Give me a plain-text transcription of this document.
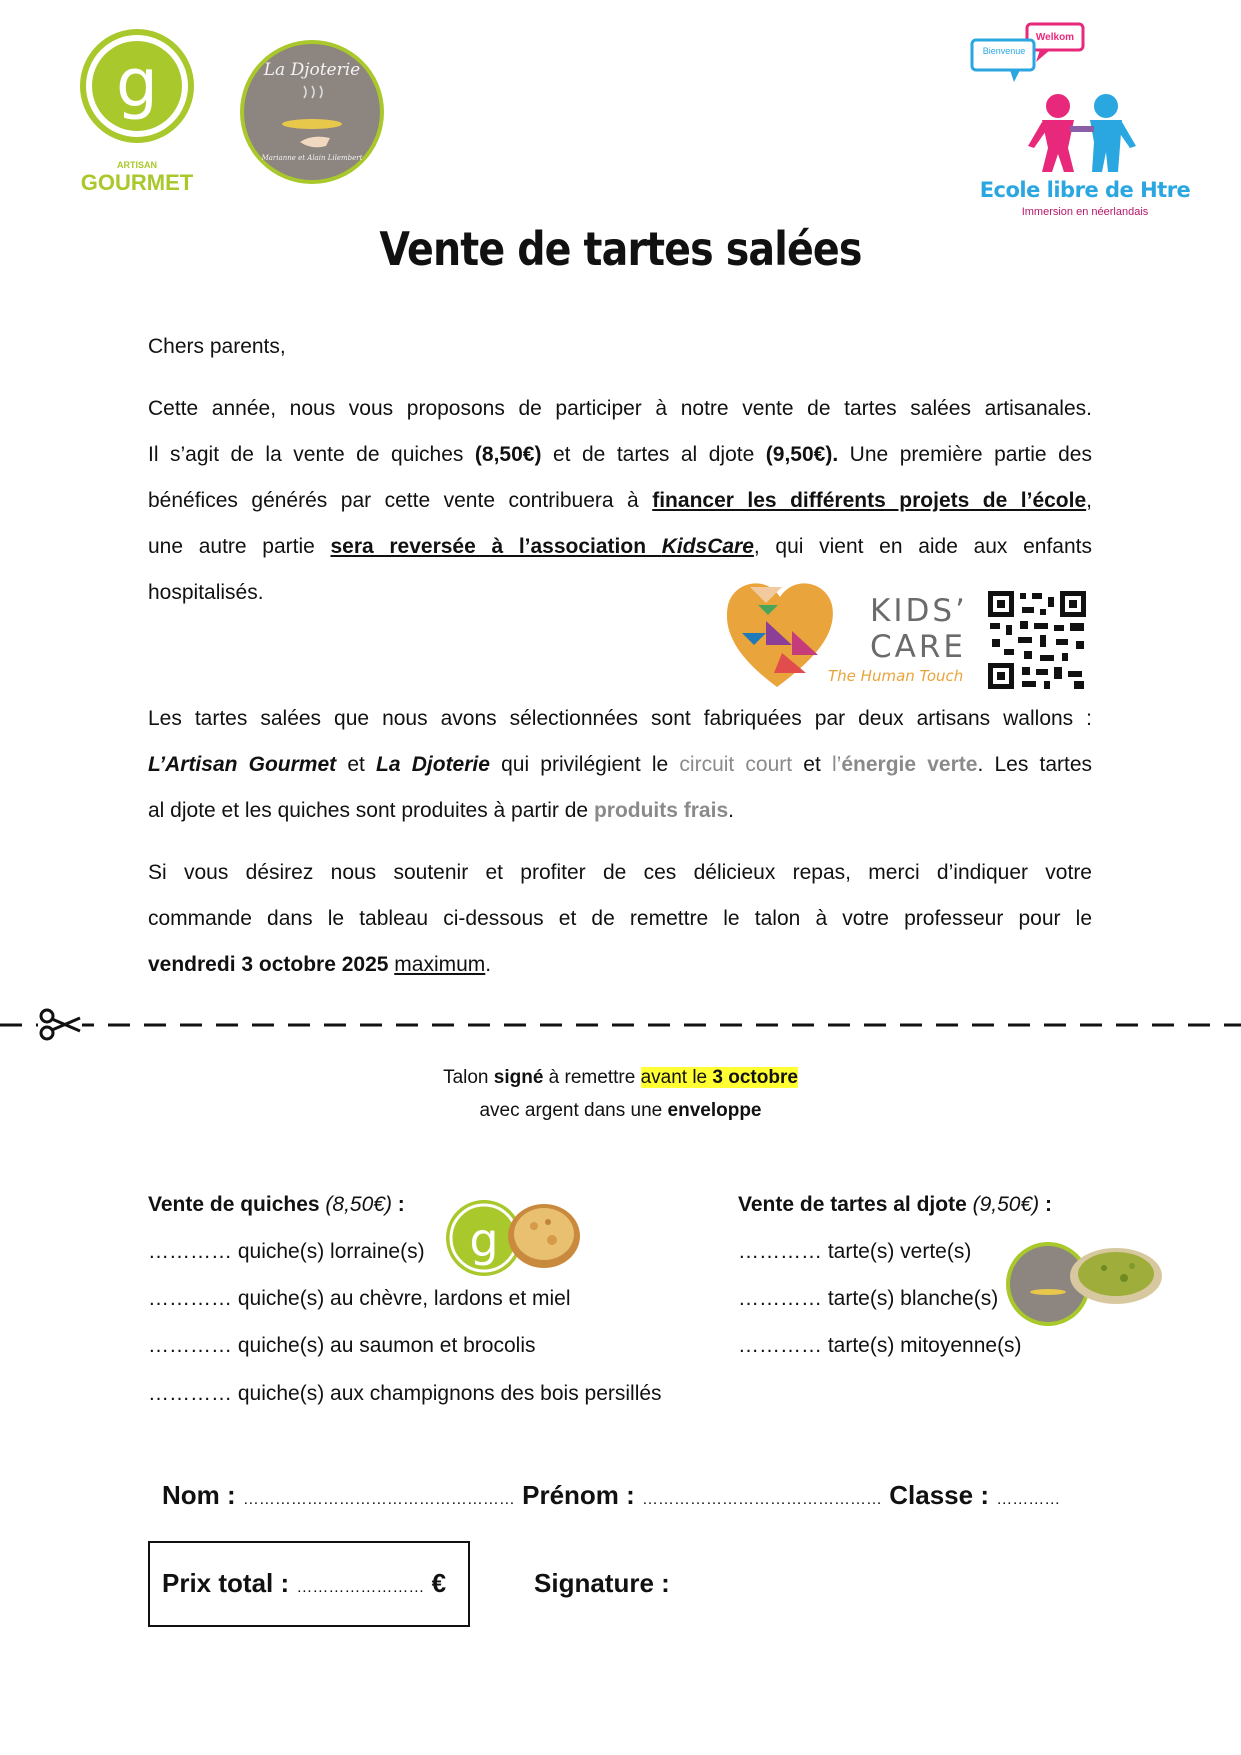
g
ARTISAN
GOURMET
La Djoterie
Marianne et Alain Lilembert
Bienvenue
Welkom
Ecole libre de Htre
Immersion en néerlandais
Vente de tartes salées
Chers parents,
Cette année, nous vous proposons de participer à notre vente de tartes salées artisanales.
Il s’agit de la vente de quiches (8,50€) et de tartes al djote (9,50€). Une première partie des
bénéfices générés par cette vente contribuera à financer les différents projets de l’école,
une autre partie sera reversée à l’association KidsCare, qui vient en aide aux enfants
hospitalisés.
KIDS’
CARE
The Human Touch
Les tartes salées que nous avons sélectionnées sont fabriquées par deux artisans wallons :
L’Artisan Gourmet et La Djoterie qui privilégient le circuit court et l’énergie verte. Les tartes
al djote et les quiches sont produites à partir de produits frais.
Si vous désirez nous soutenir et profiter de ces délicieux repas, merci d’indiquer votre
commande dans le tableau ci-dessous et de remettre le talon à votre professeur pour le
vendredi 3 octobre 2025 maximum.
Talon signé à remettre avant le 3 octobre
avec argent dans une enveloppe
Vente de quiches (8,50€) :
………… quiche(s) lorraine(s)
………… quiche(s) au chèvre, lardons et miel
………… quiche(s) au saumon et brocolis
………… quiche(s) aux champignons des bois persillés
g
Vente de tartes al djote (9,50€) :
………… tarte(s) verte(s)
………… tarte(s) blanche(s)
………… tarte(s) mitoyenne(s)
Nom : …………………………………………… Prénom : ……………………………………… Classe : …………
Prix total : …………………… €	Signature :
